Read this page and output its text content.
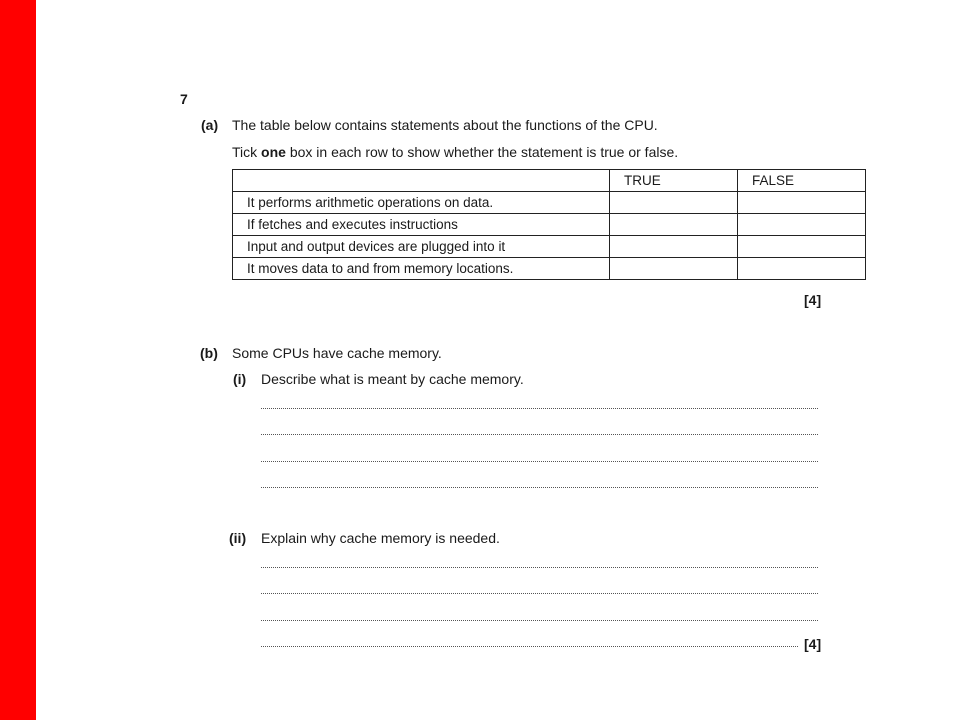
7
(a) The table below contains statements about the functions of the CPU.
Tick one box in each row to show whether the statement is true or false.
	TRUE	FALSE
It performs arithmetic operations on data.		
If fetches and executes instructions		
Input and output devices are plugged into it		
It moves data to and from memory locations.		
[4]
(b) Some CPUs have cache memory.
(i) Describe what is meant by cache memory.
(ii) Explain why cache memory is needed.
[4]
